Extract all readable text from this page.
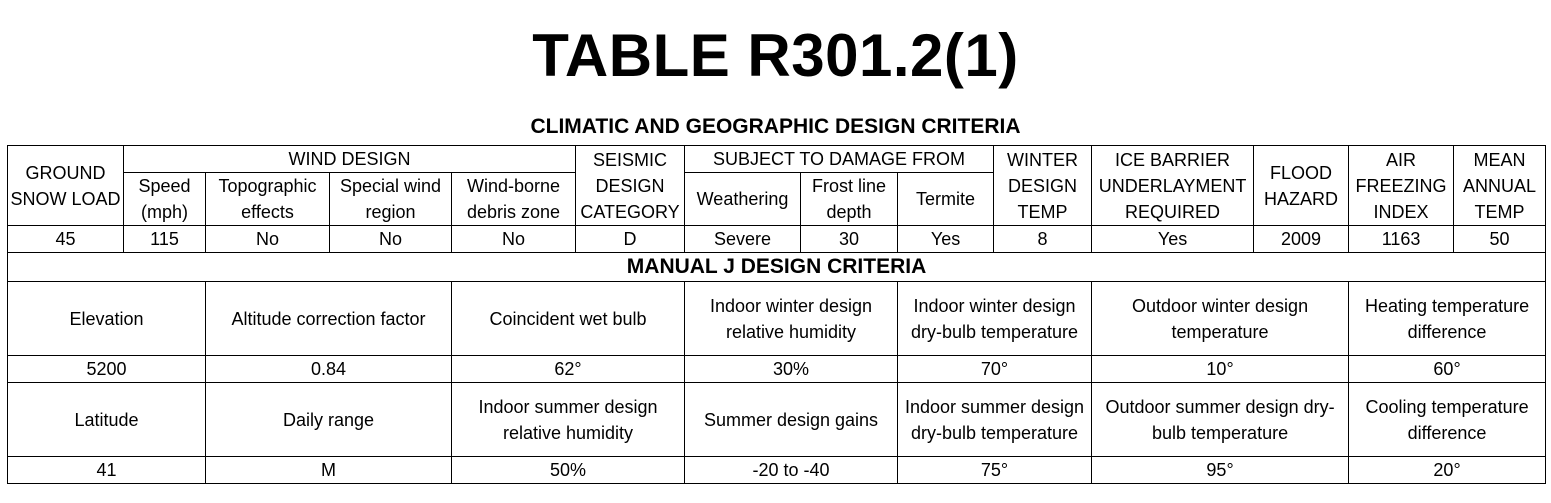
TABLE R301.2(1)
CLIMATIC AND GEOGRAPHIC DESIGN CRITERIA
GROUND SNOW LOAD	WIND DESIGN				SEISMIC DESIGN CATEGORY	SUBJECT TO DAMAGE FROM			WINTER DESIGN TEMP	ICE BARRIER UNDERLAYMENT REQUIRED	FLOOD HAZARD	AIR FREEZING INDEX	MEAN ANNUAL TEMP
	Speed (mph)	Topographic effects	Special wind region	Wind-borne debris zone		Weathering	Frost line depth	Termite					

45	115	No	No	No	D	Severe	30	Yes	8	Yes	2009	1163	50
MANUAL J DESIGN CRITERIA													
Elevation		Altitude correction factor		Coincident wet bulb		Indoor winter design relative humidity		Indoor winter design dry-bulb temperature		Outdoor winter design temperature		Heating temperature difference	
5200		0.84		62°		30%		70°		10°		60°	
Latitude		Daily range		Indoor summer design relative humidity		Summer design gains		Indoor summer design dry-bulb temperature		Outdoor summer design dry-bulb temperature		Cooling temperature difference	
41		M		50%		-20 to -40		75°		95°		20°	
